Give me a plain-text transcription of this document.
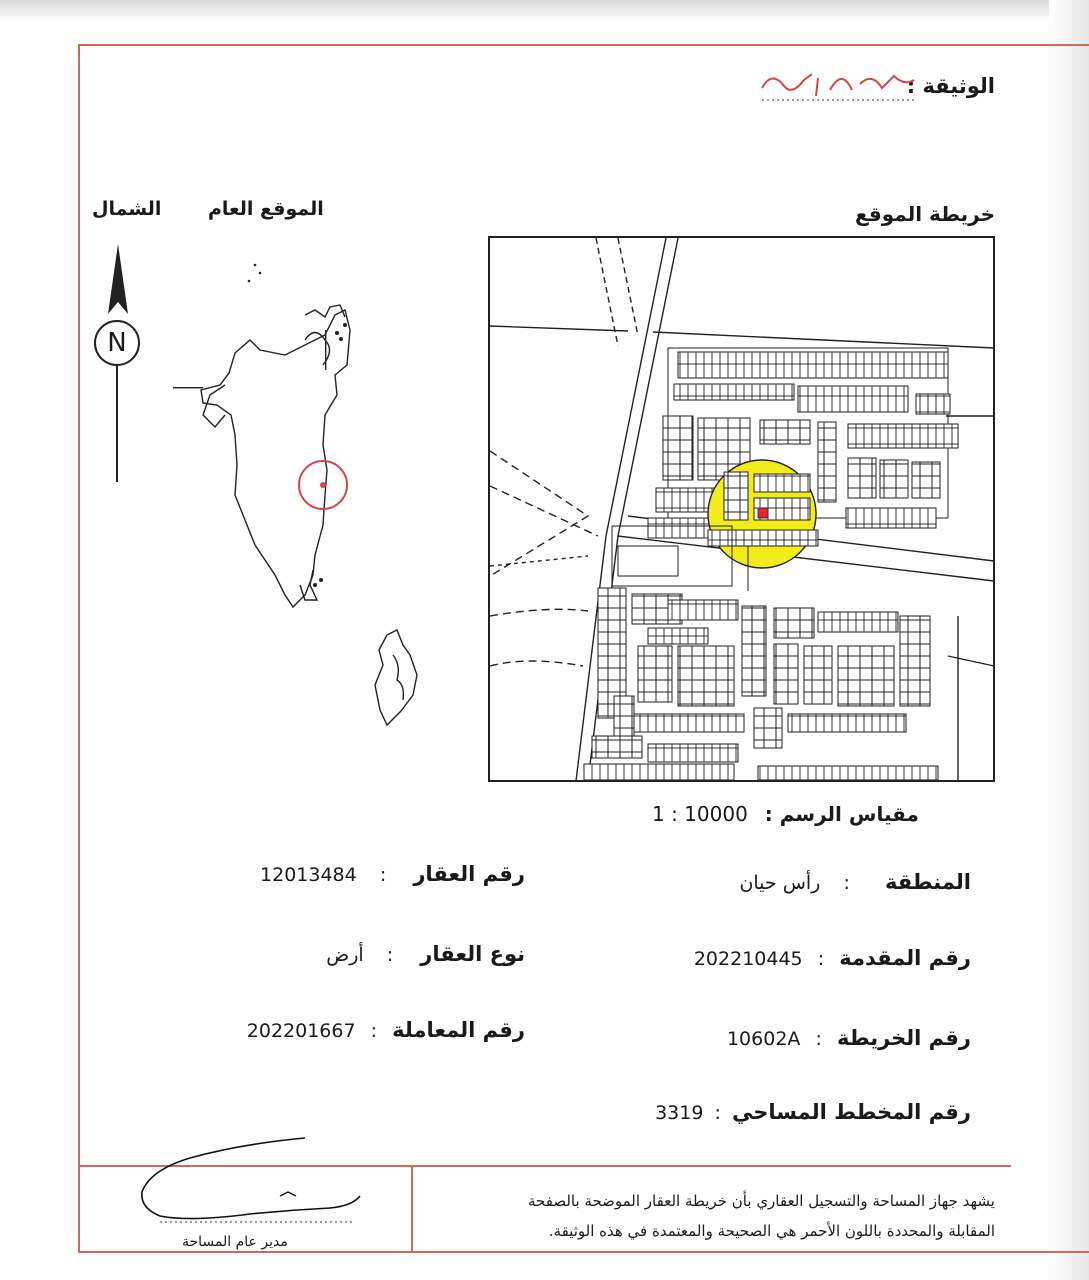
الوثيقة :
الشمال الموقع العام
N
خريطة الموقع
مقياس الرسم : 1 : 10000
المنطقة : رأس حيان
رقم المقدمة : 202210445
رقم الخريطة : 10602A
رقم المخطط المساحي : 3319
رقم العقار : 12013484
نوع العقار : أرض
رقم المعاملة : 202201667
مدير عام المساحة
يشهد جهاز المساحة والتسجيل العقاري بأن خريطة العقار الموضحة بالصفحة
المقابلة والمحددة باللون الأحمر هي الصحيحة والمعتمدة في هذه الوثيقة.
